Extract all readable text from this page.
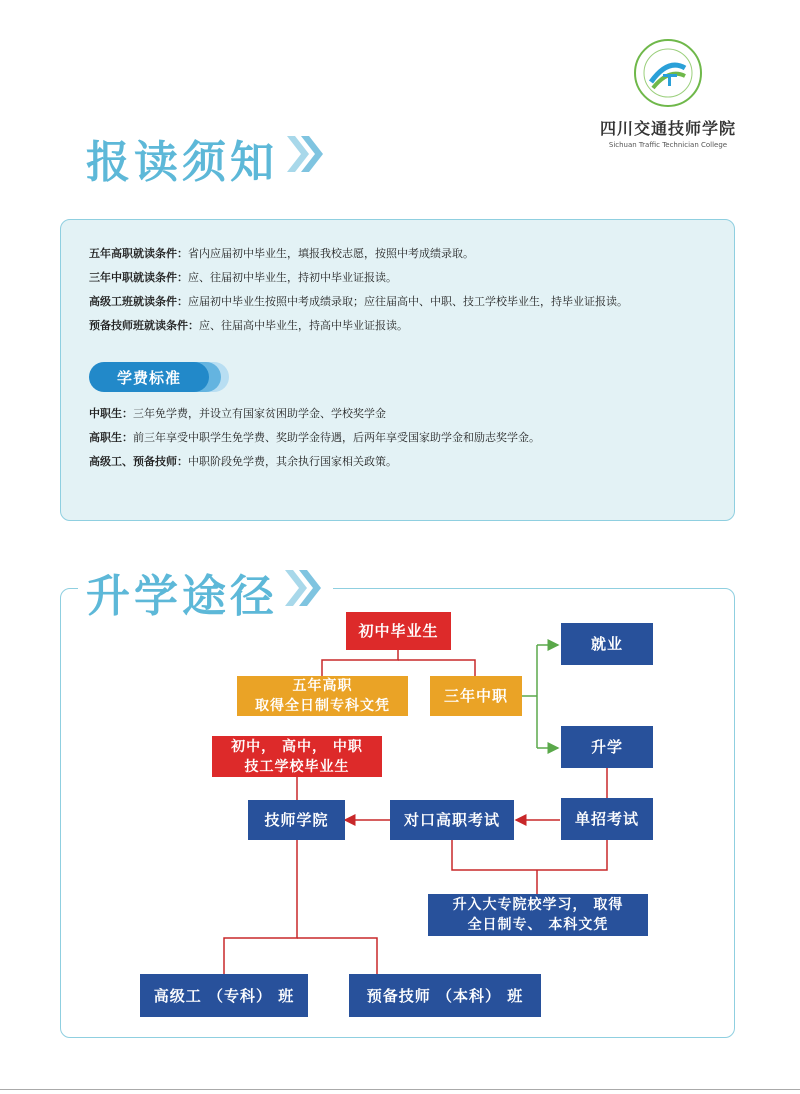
四川交通技师学院
Sichuan Traffic Technician College
报读须知
五年高职就读条件：省内应届初中毕业生，填报我校志愿，按照中考成绩录取。
三年中职就读条件：应、往届初中毕业生，持初中毕业证报读。
高级工班就读条件：应届初中毕业生按照中考成绩录取；应往届高中、中职、技工学校毕业生，持毕业证报读。
预备技师班就读条件：应、往届高中毕业生，持高中毕业证报读。
学费标准
中职生：三年免学费，并设立有国家贫困助学金、学校奖学金
高职生：前三年享受中职学生免学费、奖助学金待遇，后两年享受国家助学金和励志奖学金。
高级工、预备技师：中职阶段免学费，其余执行国家相关政策。
升学途径
初中毕业生
五年高职
取得全日制专科文凭
三年中职
就业
升学
初中， 高中， 中职
技工学校毕业生
技师学院	对口高职考试	单招考试
升入大专院校学习， 取得
全日制专、 本科文凭
高级工 （专科） 班	预备技师 （本科） 班
